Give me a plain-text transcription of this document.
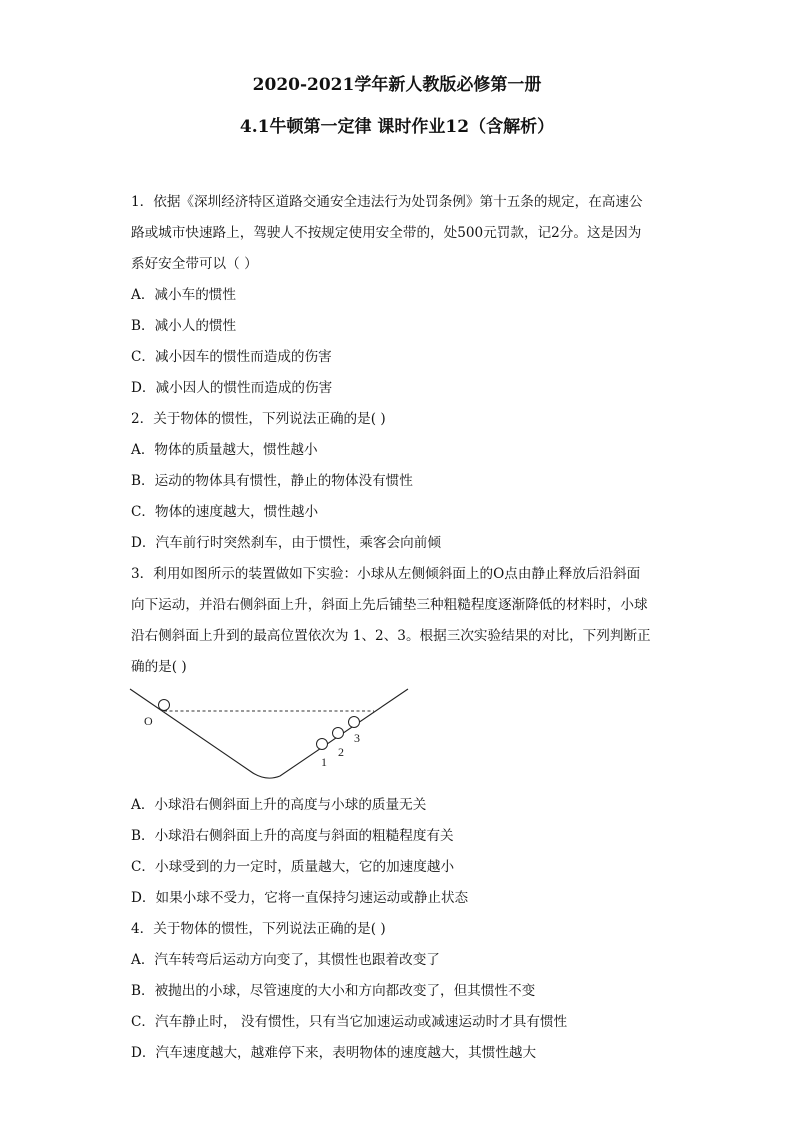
2020-2021学年新人教版必修第一册
4.1牛顿第一定律 课时作业12（含解析）
1．依据《深圳经济特区道路交通安全违法行为处罚条例》第十五条的规定，在高速公
路或城市快速路上，驾驶人不按规定使用安全带的，处500元罚款，记2分。这是因为
系好安全带可以（ ）
A．减小车的惯性
B．减小人的惯性
C．减小因车的惯性而造成的伤害
D．减小因人的惯性而造成的伤害
2．关于物体的惯性，下列说法正确的是( )
A．物体的质量越大，惯性越小
B．运动的物体具有惯性，静止的物体没有惯性
C．物体的速度越大，惯性越小
D．汽车前行时突然刹车，由于惯性，乘客会向前倾
3．利用如图所示的装置做如下实验：小球从左侧倾斜面上的O点由静止释放后沿斜面
向下运动，并沿右侧斜面上升，斜面上先后铺垫三种粗糙程度逐渐降低的材料时，小球
沿右侧斜面上升到的最高位置依次为 1、2、3。根据三次实验结果的对比，下列判断正
确的是( )
O
1
2
3
A．小球沿右侧斜面上升的高度与小球的质量无关
B．小球沿右侧斜面上升的高度与斜面的粗糙程度有关
C．小球受到的力一定时，质量越大，它的加速度越小
D．如果小球不受力，它将一直保持匀速运动或静止状态
4．关于物体的惯性，下列说法正确的是( )
A．汽车转弯后运动方向变了，其惯性也跟着改变了
B．被抛出的小球，尽管速度的大小和方向都改变了，但其惯性不变
C．汽车静止时， 没有惯性，只有当它加速运动或减速运动时才具有惯性
D．汽车速度越大，越难停下来，表明物体的速度越大，其惯性越大
